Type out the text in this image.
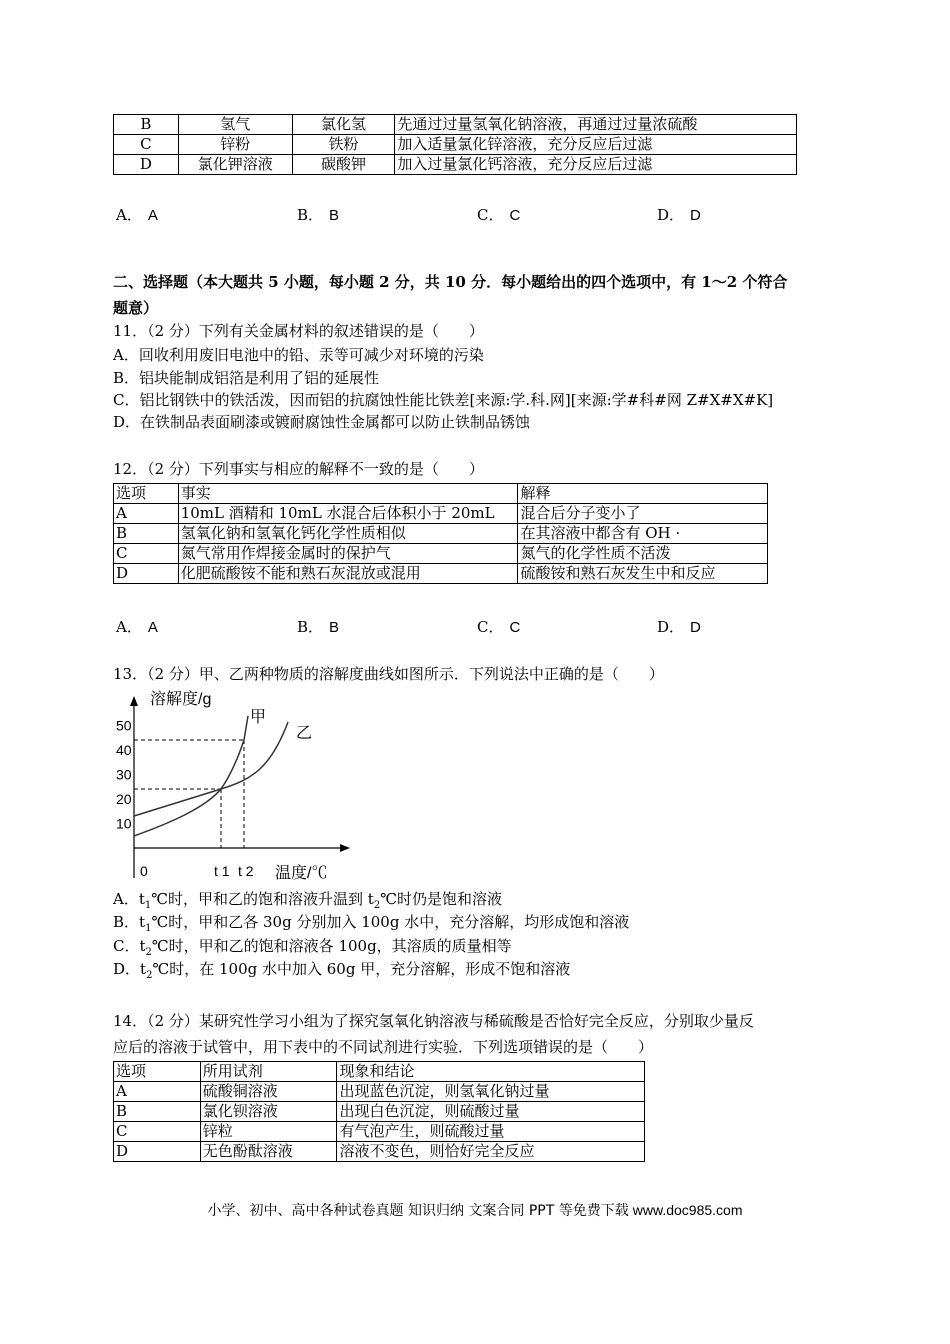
B	氢气	氯化氢	先通过过量氢氧化钠溶液，再通过过量浓硫酸
C	锌粉	铁粉	加入适量氯化锌溶液，充分反应后过滤
D	氯化钾溶液	碳酸钾	加入过量氯化钙溶液，充分反应后过滤
A． A	B． B	C． C	D． D
二、选择题（本大题共 5 小题，每小题 2 分，共 10 分．每小题给出的四个选项中，有 1～2 个符合
题意）
11．（2 分）下列有关金属材料的叙述错误的是（　　）
A．回收利用废旧电池中的铅、汞等可减少对环境的污染
B．铝块能制成铝箔是利用了铝的延展性
C．铝比钢铁中的铁活泼，因而铝的抗腐蚀性能比铁差[来源:学.科.网][来源:学#科#网 Z#X#X#K]
D．在铁制品表面刷漆或镀耐腐蚀性金属都可以防止铁制品锈蚀
12．（2 分）下列事实与相应的解释不一致的是（　　）
选项	事实	解释
A	10mL 酒精和 10mL 水混合后体积小于 20mL	混合后分子变小了
B	氢氧化钠和氢氧化钙化学性质相似	在其溶液中都含有 OH ·
C	氮气常用作焊接金属时的保护气	氮气的化学性质不活泼
D	化肥硫酸铵不能和熟石灰混放或混用	硫酸铵和熟石灰发生中和反应
A． A	B． B	C． C	D． D
13．（2 分）甲、乙两种物质的溶解度曲线如图所示．下列说法中正确的是（　　）
溶解度/g
温度/℃
10
20
30
40
50
0	t 1 t 2
甲
乙
A．$t_1℃$时，甲和乙的饱和溶液升温到 $t_2℃$时仍是饱和溶液
B．$t_1℃$时，甲和乙各 30g 分别加入 100g 水中，充分溶解，均形成饱和溶液
C．$t_2℃$时，甲和乙的饱和溶液各 100g，其溶质的质量相等
D．$t_2℃$时，在 100g 水中加入 60g 甲，充分溶解，形成不饱和溶液
14．（2 分）某研究性学习小组为了探究氢氧化钠溶液与稀硫酸是否恰好完全反应，分别取少量反
应后的溶液于试管中，用下表中的不同试剂进行实验．下列选项错误的是（　　）
选项	所用试剂	现象和结论
A	硫酸铜溶液	出现蓝色沉淀，则氢氧化钠过量
B	氯化钡溶液	出现白色沉淀，则硫酸过量
C	锌粒	有气泡产生，则硫酸过量
D	无色酚酞溶液	溶液不变色，则恰好完全反应
小学、初中、高中各种试卷真题 知识归纳 文案合同 PPT 等免费下载 www.doc985.com
